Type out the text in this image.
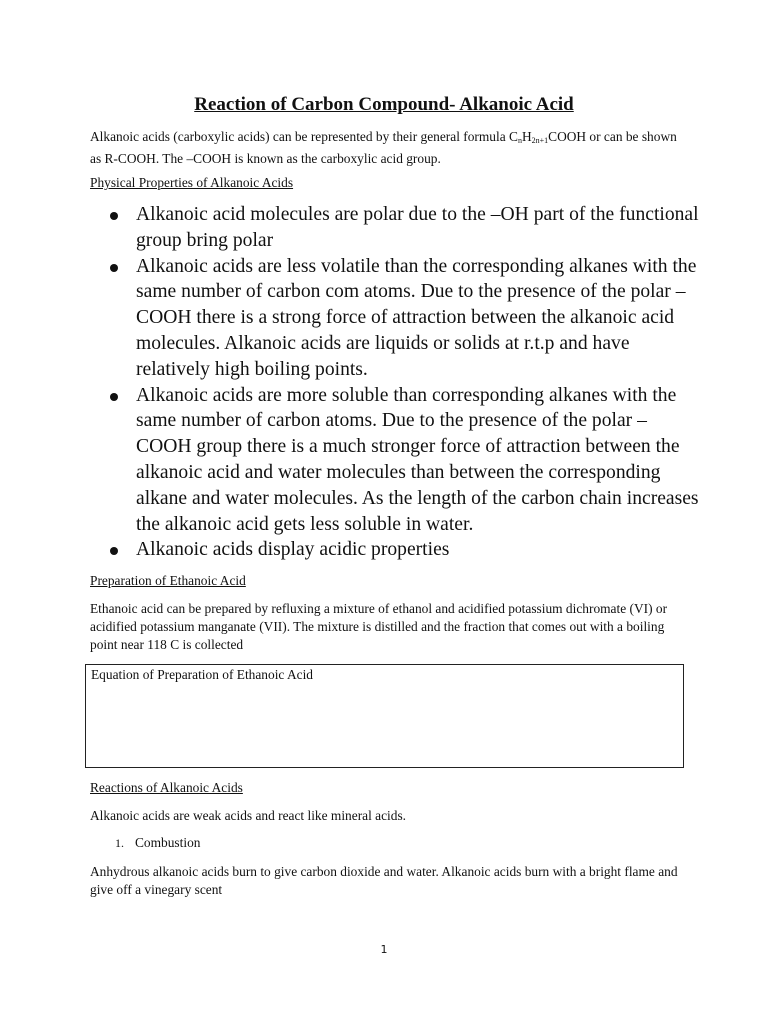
Reaction of Carbon Compound- Alkanoic Acid
Alkanoic acids (carboxylic acids) can be represented by their general formula $C_nH_{2n+1}COOH$ or can be shown as R-COOH. The –COOH is known as the carboxylic acid group.
Physical Properties of Alkanoic Acids
Alkanoic acid molecules are polar due to the –OH part of the functional group bring polar
Alkanoic acids are less volatile than the corresponding alkanes with the same number of carbon com atoms. Due to the presence of the polar –COOH there is a strong force of attraction between the alkanoic acid molecules. Alkanoic acids are liquids or solids at r.t.p and have relatively high boiling points.
Alkanoic acids are more soluble than corresponding alkanes with the same number of carbon atoms. Due to the presence of the polar –COOH group there is a much stronger force of attraction between the alkanoic acid and water molecules than between the corresponding alkane and water molecules. As the length of the carbon chain increases the alkanoic acid gets less soluble in water.
Alkanoic acids display acidic properties
Preparation of Ethanoic Acid
Ethanoic acid can be prepared by refluxing a mixture of ethanol and acidified potassium dichromate (VI) or acidified potassium manganate (VII). The mixture is distilled and the fraction that comes out with a boiling point near 118 C is collected
Equation of Preparation of Ethanoic Acid
Reactions of Alkanoic Acids
Alkanoic acids are weak acids and react like mineral acids.
1. Combustion
Anhydrous alkanoic acids burn to give carbon dioxide and water. Alkanoic acids burn with a bright flame and give off a vinegary scent
1
